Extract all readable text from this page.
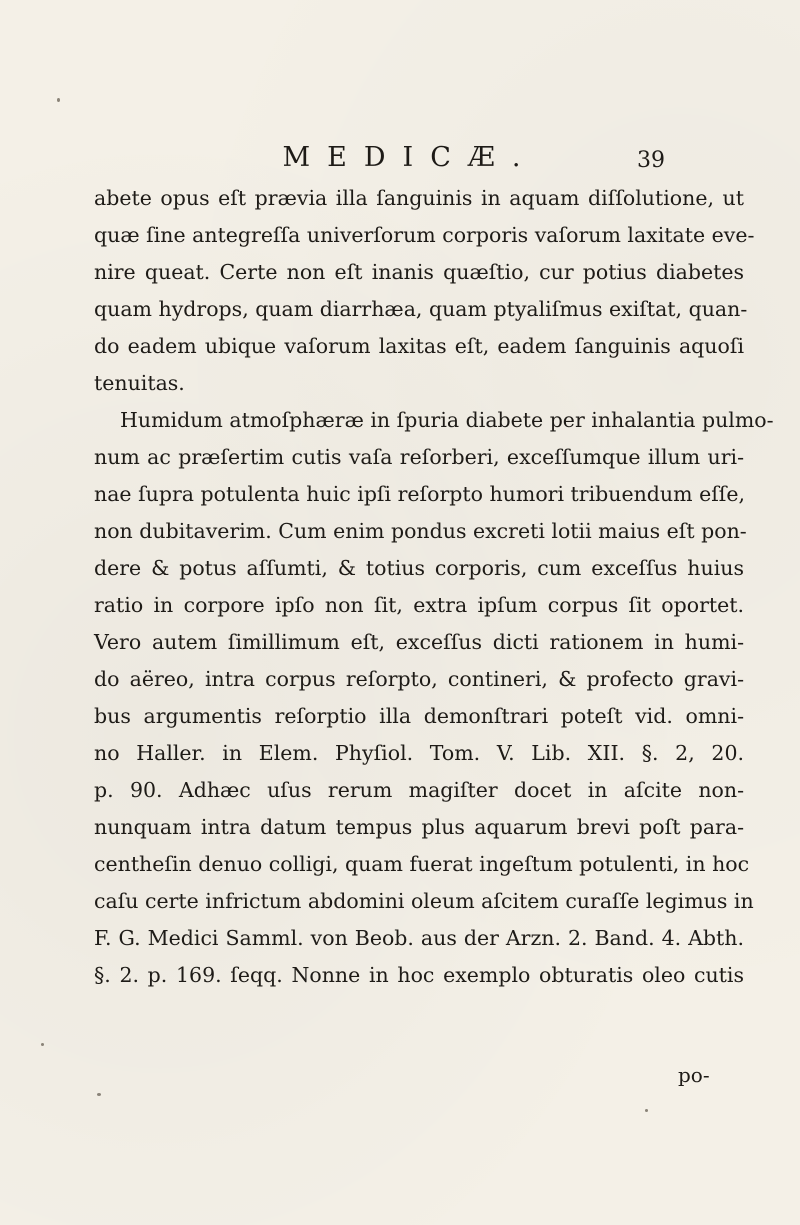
MEDICÆ.	39
abete opus eſt prævia illa ſanguinis in aquam diſſolutione, ut
quæ ſine antegreſſa univerſorum corporis vaſorum laxitate eve-
nire queat. Certe non eſt inanis quæſtio, cur potius diabetes
quam hydrops, quam diarrhæa, quam ptyaliſmus exiſtat, quan-
do eadem ubique vaſorum laxitas eſt, eadem ſanguinis aquoſi
tenuitas.
Humidum atmoſphæræ in ſpuria diabete per inhalantia pulmo-
num ac præſertim cutis vaſa reſorberi, exceſſumque illum uri-
nae ſupra potulenta huic ipſi reſorpto humori tribuendum eſſe,
non dubitaverim. Cum enim pondus excreti lotii maius eſt pon-
dere & potus aſſumti, & totius corporis, cum exceſſus huius
ratio in corpore ipſo non ſit, extra ipſum corpus ſit oportet.
Vero autem ſimillimum eſt, exceſſus dicti rationem in humi-
do aëreo, intra corpus reſorpto, contineri, & profecto gravi-
bus argumentis reſorptio illa demonſtrari poteſt vid. omni-
no Haller. in Elem. Phyſiol. Tom. V. Lib. XII. §. 2, 20.
p. 90. Adhæc uſus rerum magiſter docet in aſcite non-
nunquam intra datum tempus plus aquarum brevi poſt para-
centheſin denuo colligi, quam fuerat ingeſtum potulenti, in hoc
caſu certe infrictum abdomini oleum aſcitem curaſſe legimus in
F. G. Medici Samml. von Beob. aus der Arzn. 2. Band. 4. Abth.
§. 2. p. 169. ſeqq. Nonne in hoc exemplo obturatis oleo cutis
po-
